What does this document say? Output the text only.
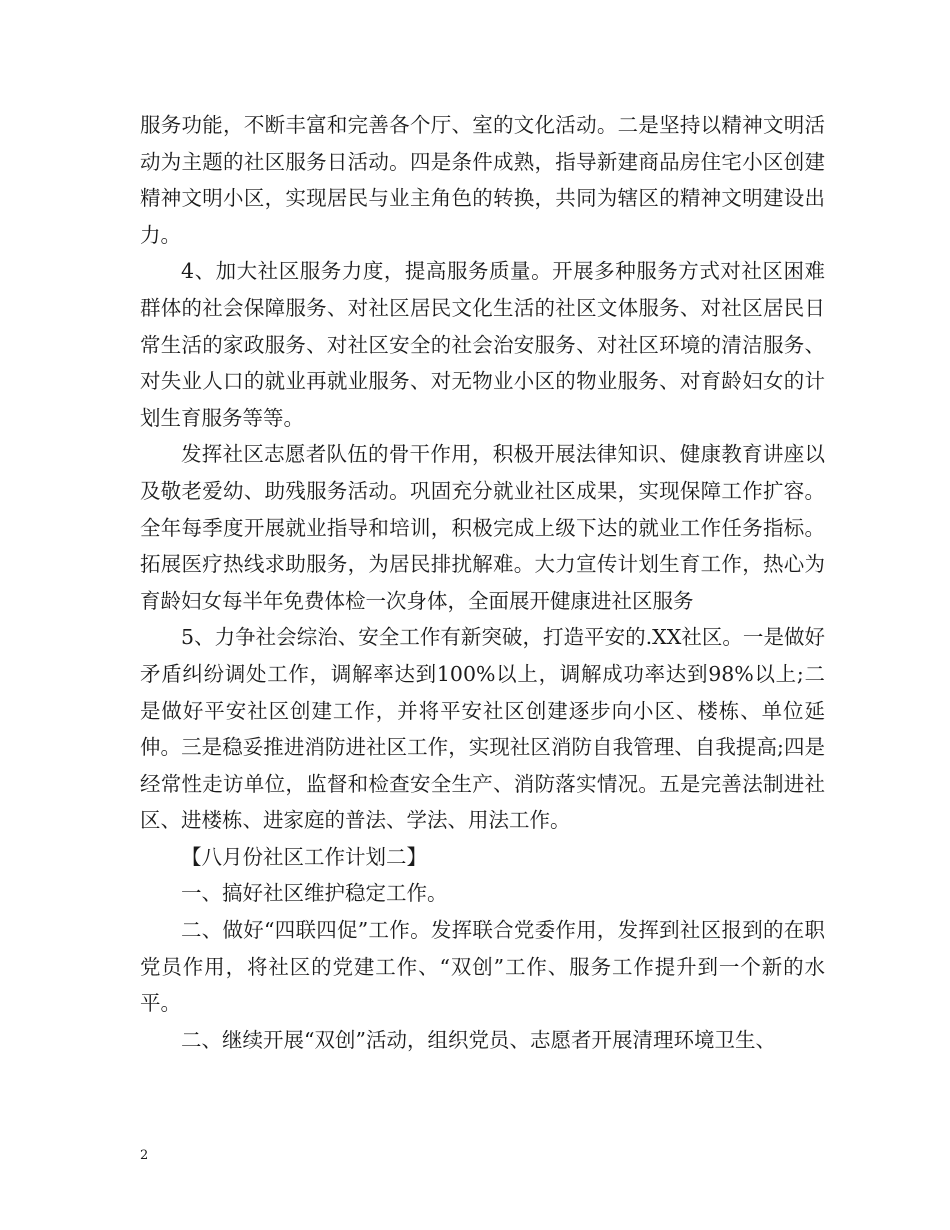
服务功能，不断丰富和完善各个厅、室的文化活动。二是坚持以精神文明活动为主题的社区服务日活动。四是条件成熟，指导新建商品房住宅小区创建精神文明小区，实现居民与业主角色的转换，共同为辖区的精神文明建设出力。

4、加大社区服务力度，提高服务质量。开展多种服务方式对社区困难群体的社会保障服务、对社区居民文化生活的社区文体服务、对社区居民日常生活的家政服务、对社区安全的社会治安服务、对社区环境的清洁服务、对失业人口的就业再就业服务、对无物业小区的物业服务、对育龄妇女的计划生育服务等等。

发挥社区志愿者队伍的骨干作用，积极开展法律知识、健康教育讲座以及敬老爱幼、助残服务活动。巩固充分就业社区成果，实现保障工作扩容。全年每季度开展就业指导和培训，积极完成上级下达的就业工作任务指标。拓展医疗热线求助服务，为居民排扰解难。大力宣传计划生育工作，热心为育龄妇女每半年免费体检一次身体，全面展开健康进社区服务

5、力争社会综治、安全工作有新突破，打造平安的.XX社区。一是做好矛盾纠纷调处工作，调解率达到100%以上，调解成功率达到98%以上;二是做好平安社区创建工作，并将平安社区创建逐步向小区、楼栋、单位延伸。三是稳妥推进消防进社区工作，实现社区消防自我管理、自我提高;四是经常性走访单位，监督和检查安全生产、消防落实情况。五是完善法制进社区、进楼栋、进家庭的普法、学法、用法工作。

【八月份社区工作计划二】

一、搞好社区维护稳定工作。

二、做好“四联四促”工作。发挥联合党委作用，发挥到社区报到的在职党员作用，将社区的党建工作、“双创”工作、服务工作提升到一个新的水平。

二、继续开展“双创”活动，组织党员、志愿者开展清理环境卫生、

2
